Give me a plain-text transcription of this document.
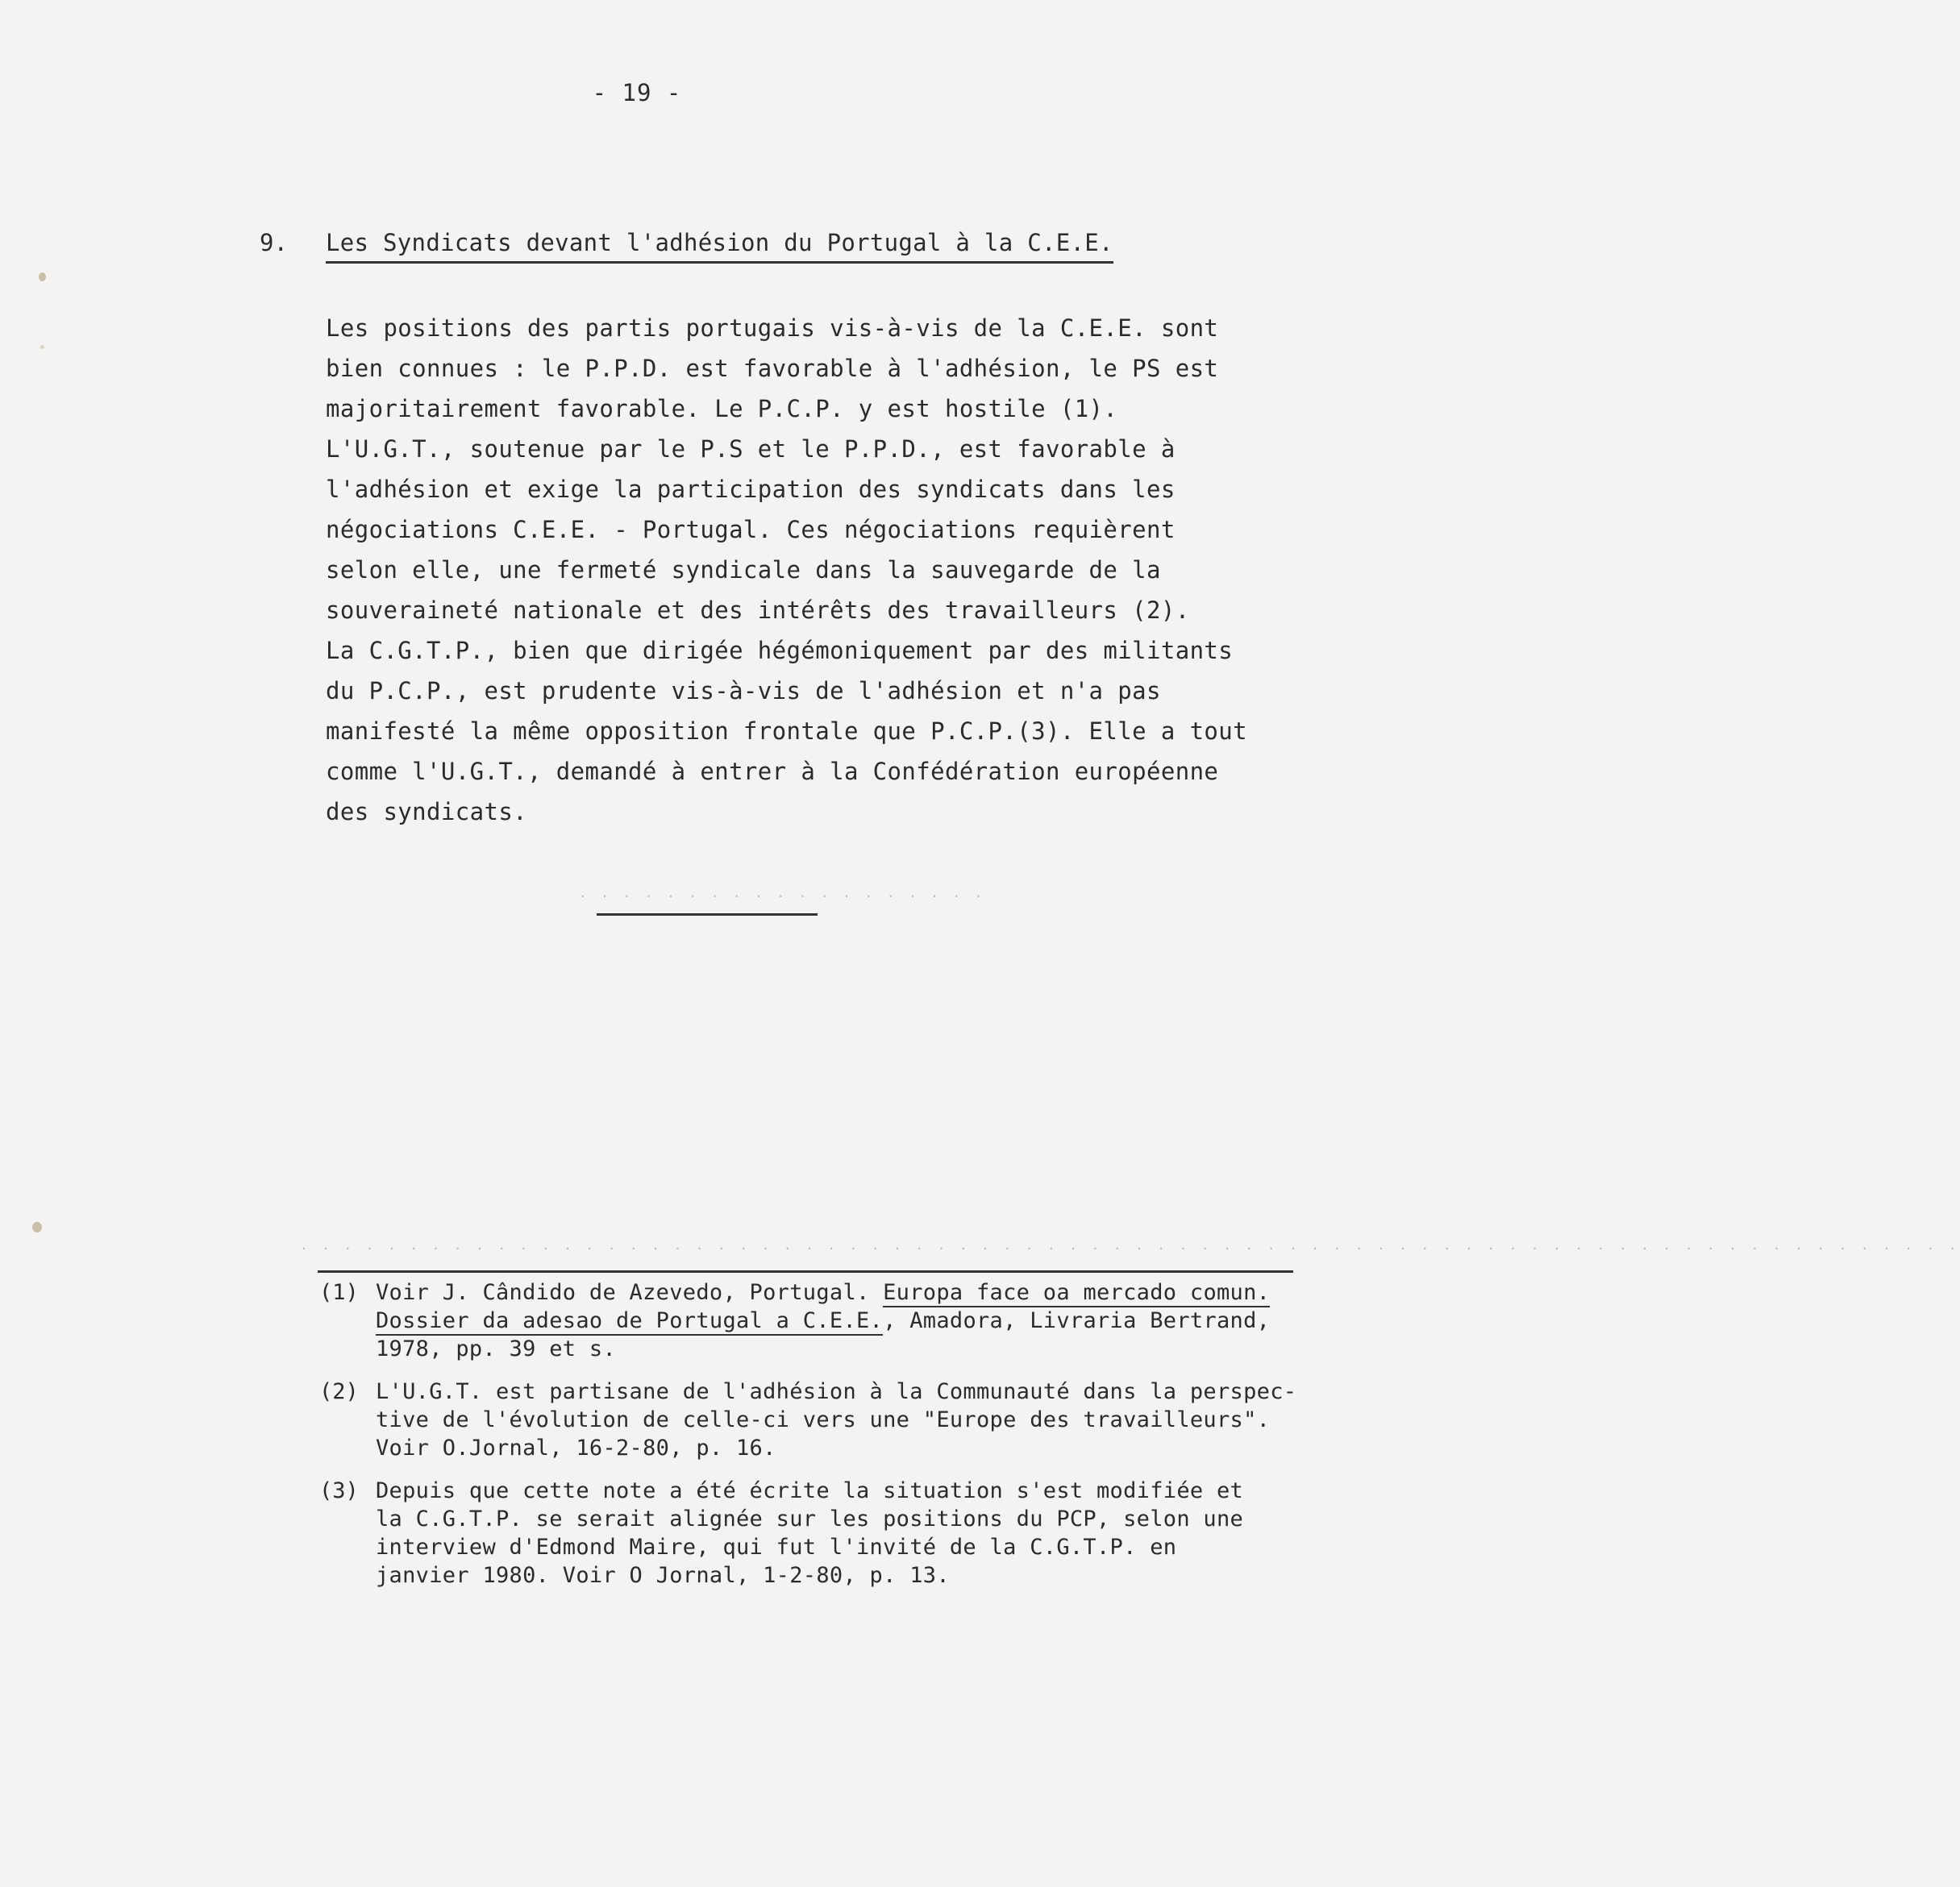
- 19 -
9. Les Syndicats devant l'adhésion du Portugal à la C.E.E.
Les positions des partis portugais vis-à-vis de la C.E.E. sont
bien connues : le P.P.D. est favorable à l'adhésion, le PS est
majoritairement favorable. Le P.C.P. y est hostile (1).
L'U.G.T., soutenue par le P.S et le P.P.D., est favorable à
l'adhésion et exige la participation des syndicats dans les
négociations C.E.E. - Portugal. Ces négociations requièrent
selon elle, une fermeté syndicale dans la sauvegarde de la
souveraineté nationale et des intérêts des travailleurs (2).
La C.G.T.P., bien que dirigée hégémoniquement par des militants
du P.C.P., est prudente vis-à-vis de l'adhésion et n'a pas
manifesté la même opposition frontale que P.C.P.(3). Elle a tout
comme l'U.G.T., demandé à entrer à la Confédération européenne
des syndicats.
. . . . . . . . . . . . . . . . . . .
. . . . . . . . . . . . . . . . . . . . . . . . . . . . . . . . . . . . . . . . . . . . . . . . . . . . . . . . . . . . . . . . . . . . . . . . . . . .
(1) Voir J. Cândido de Azevedo, Portugal. Europa face oa mercado comun.
Dossier da adesao de Portugal a C.E.E., Amadora, Livraria Bertrand,
1978, pp. 39 et s.
(2) L'U.G.T. est partisane de l'adhésion à la Communauté dans la perspec-
tive de l'évolution de celle-ci vers une "Europe des travailleurs".
Voir O.Jornal, 16-2-80, p. 16.
(3) Depuis que cette note a été écrite la situation s'est modifiée et
la C.G.T.P. se serait alignée sur les positions du PCP, selon une
interview d'Edmond Maire, qui fut l'invité de la C.G.T.P. en
janvier 1980. Voir O Jornal, 1-2-80, p. 13.
